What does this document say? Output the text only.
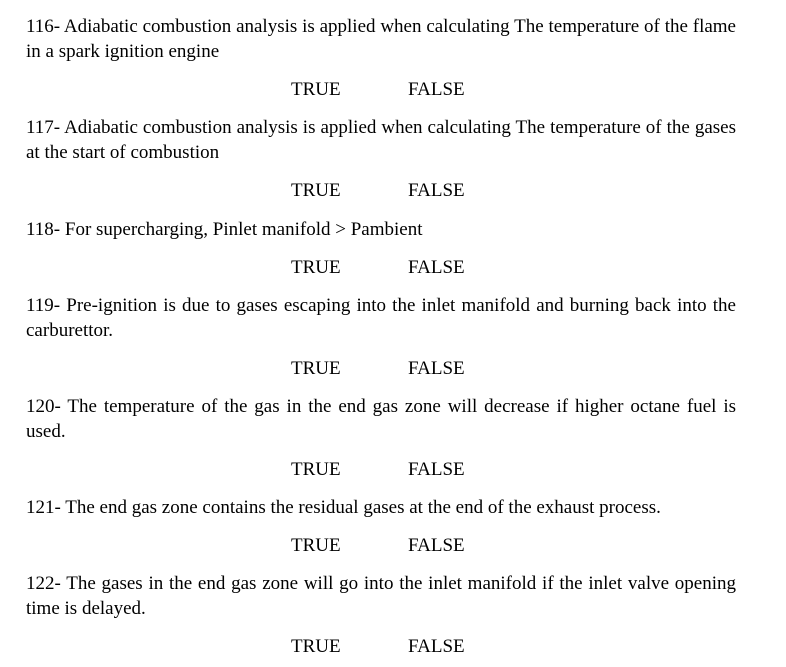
116- Adiabatic combustion analysis is applied when calculating The temperature of the flame in a spark ignition engine
TRUE	FALSE
117- Adiabatic combustion analysis is applied when calculating The temperature of the gases at the start of combustion
TRUE	FALSE
118- For supercharging, Pinlet manifold > Pambient
TRUE	FALSE
119- Pre-ignition is due to gases escaping into the inlet manifold and burning back into the carburettor.
TRUE	FALSE
120- The temperature of the gas in the end gas zone will decrease if higher octane fuel is used.
TRUE	FALSE
121- The end gas zone contains the residual gases at the end of the exhaust process.
TRUE	FALSE
122- The gases in the end gas zone will go into the inlet manifold if the inlet valve opening time is delayed.
TRUE	FALSE
